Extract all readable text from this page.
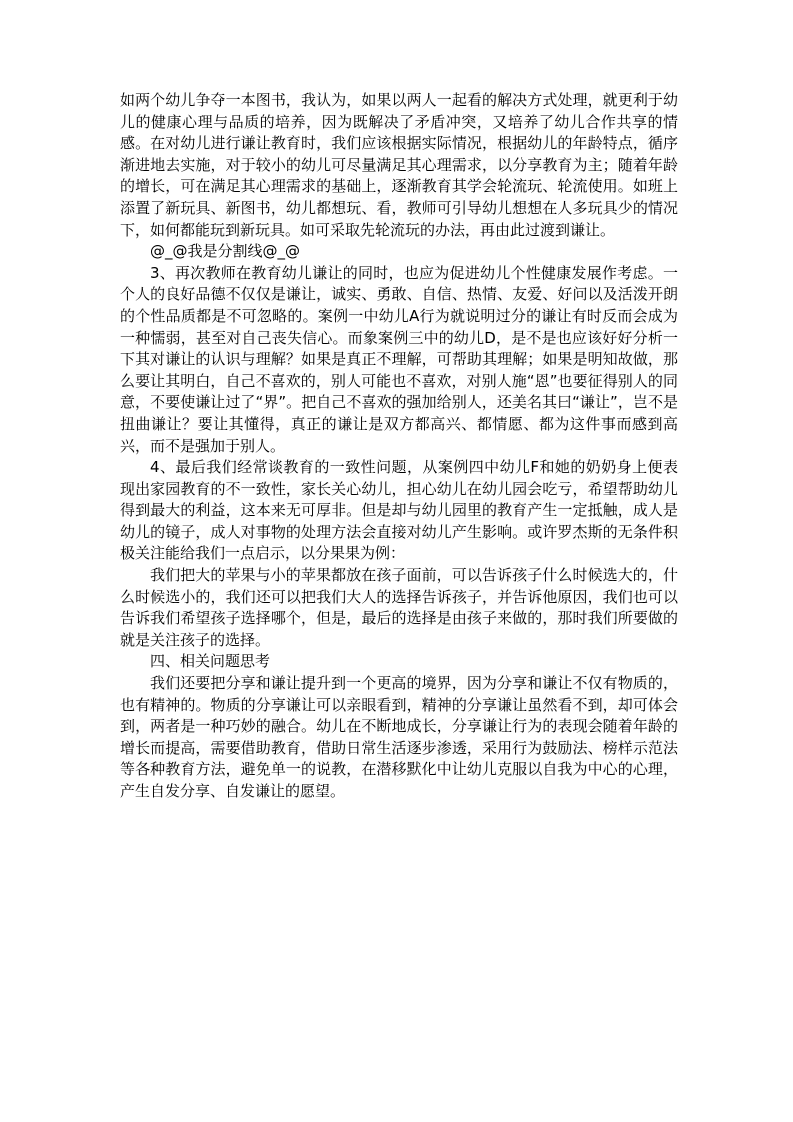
如两个幼儿争夺一本图书，我认为，如果以两人一起看的解决方式处理，就更利于幼儿的健康心理与品质的培养，因为既解决了矛盾冲突，又培养了幼儿合作共享的情感。在对幼儿进行谦让教育时，我们应该根据实际情况，根据幼儿的年龄特点，循序渐进地去实施，对于较小的幼儿可尽量满足其心理需求，以分享教育为主；随着年龄的增长，可在满足其心理需求的基础上，逐渐教育其学会轮流玩、轮流使用。如班上添置了新玩具、新图书，幼儿都想玩、看，教师可引导幼儿想想在人多玩具少的情况下，如何都能玩到新玩具。如可采取先轮流玩的办法，再由此过渡到谦让。

@_@我是分割线@_@

3、再次教师在教育幼儿谦让的同时，也应为促进幼儿个性健康发展作考虑。一个人的良好品德不仅仅是谦让，诚实、勇敢、自信、热情、友爱、好问以及活泼开朗的个性品质都是不可忽略的。案例一中幼儿A行为就说明过分的谦让有时反而会成为一种懦弱，甚至对自己丧失信心。而象案例三中的幼儿D，是不是也应该好好分析一下其对谦让的认识与理解？如果是真正不理解，可帮助其理解；如果是明知故做，那么要让其明白，自己不喜欢的，别人可能也不喜欢，对别人施“恩”也要征得别人的同意，不要使谦让过了“界”。把自己不喜欢的强加给别人，还美名其曰“谦让”，岂不是扭曲谦让？要让其懂得，真正的谦让是双方都高兴、都情愿、都为这件事而感到高兴，而不是强加于别人。

4、最后我们经常谈教育的一致性问题，从案例四中幼儿F和她的奶奶身上便表现出家园教育的不一致性，家长关心幼儿，担心幼儿在幼儿园会吃亏，希望帮助幼儿得到最大的利益，这本来无可厚非。但是却与幼儿园里的教育产生一定抵触，成人是幼儿的镜子，成人对事物的处理方法会直接对幼儿产生影响。或许罗杰斯的无条件积极关注能给我们一点启示，以分果果为例：

我们把大的苹果与小的苹果都放在孩子面前，可以告诉孩子什么时候选大的，什么时候选小的，我们还可以把我们大人的选择告诉孩子，并告诉他原因，我们也可以告诉我们希望孩子选择哪个，但是，最后的选择是由孩子来做的，那时我们所要做的就是关注孩子的选择。

四、相关问题思考

我们还要把分享和谦让提升到一个更高的境界，因为分享和谦让不仅有物质的，也有精神的。物质的分享谦让可以亲眼看到，精神的分享谦让虽然看不到，却可体会到，两者是一种巧妙的融合。幼儿在不断地成长，分享谦让行为的表现会随着年龄的增长而提高，需要借助教育，借助日常生活逐步渗透，采用行为鼓励法、榜样示范法等各种教育方法，避免单一的说教，在潜移默化中让幼儿克服以自我为中心的心理，产生自发分享、自发谦让的愿望。
